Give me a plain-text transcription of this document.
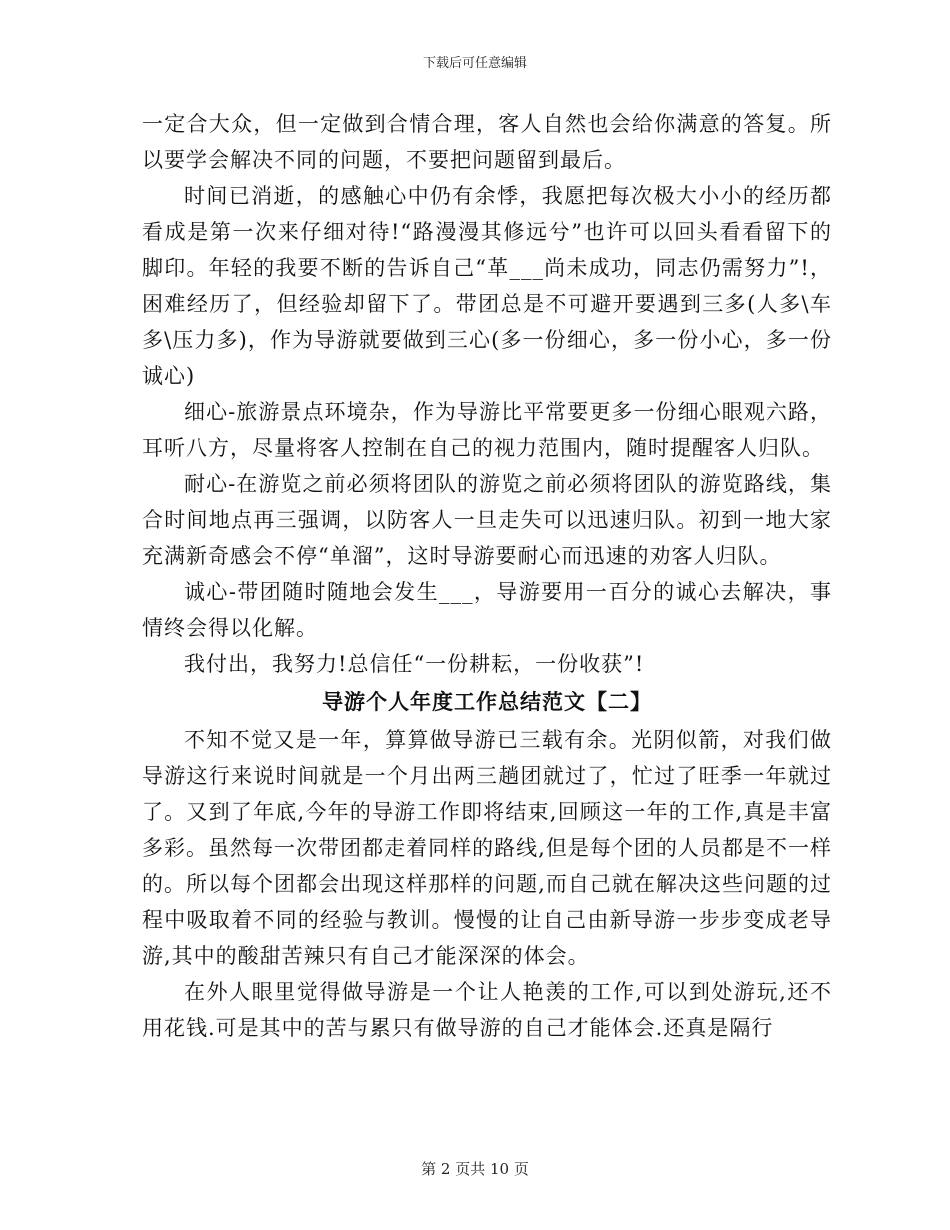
下载后可任意编辑

一定合大众，但一定做到合情合理，客人自然也会给你满意的答复。所以要学会解决不同的问题，不要把问题留到最后。

时间已消逝，的感触心中仍有余悸，我愿把每次极大小小的经历都看成是第一次来仔细对待!“路漫漫其修远兮”也许可以回头看看留下的脚印。年轻的我要不断的告诉自己“革___尚未成功，同志仍需努力”!，困难经历了，但经验却留下了。带团总是不可避开要遇到三多(人多\车多\压力多)，作为导游就要做到三心(多一份细心，多一份小心，多一份诚心)

细心-旅游景点环境杂，作为导游比平常要更多一份细心眼观六路，耳听八方，尽量将客人控制在自己的视力范围内，随时提醒客人归队。

耐心-在游览之前必须将团队的游览之前必须将团队的游览路线，集合时间地点再三强调，以防客人一旦走失可以迅速归队。初到一地大家充满新奇感会不停“单溜”，这时导游要耐心而迅速的劝客人归队。

诚心-带团随时随地会发生___，导游要用一百分的诚心去解决，事情终会得以化解。

我付出，我努力!总信任“一份耕耘，一份收获”!

导游个人年度工作总结范文【二】

不知不觉又是一年，算算做导游已三载有余。光阴似箭，对我们做导游这行来说时间就是一个月出两三趟团就过了，忙过了旺季一年就过了。又到了年底,今年的导游工作即将结束,回顾这一年的工作,真是丰富多彩。虽然每一次带团都走着同样的路线,但是每个团的人员都是不一样的。所以每个团都会出现这样那样的问题,而自己就在解决这些问题的过程中吸取着不同的经验与教训。慢慢的让自己由新导游一步步变成老导游,其中的酸甜苦辣只有自己才能深深的体会。

在外人眼里觉得做导游是一个让人艳羡的工作,可以到处游玩,还不用花钱.可是其中的苦与累只有做导游的自己才能体会.还真是隔行

第 2 页共 10 页
